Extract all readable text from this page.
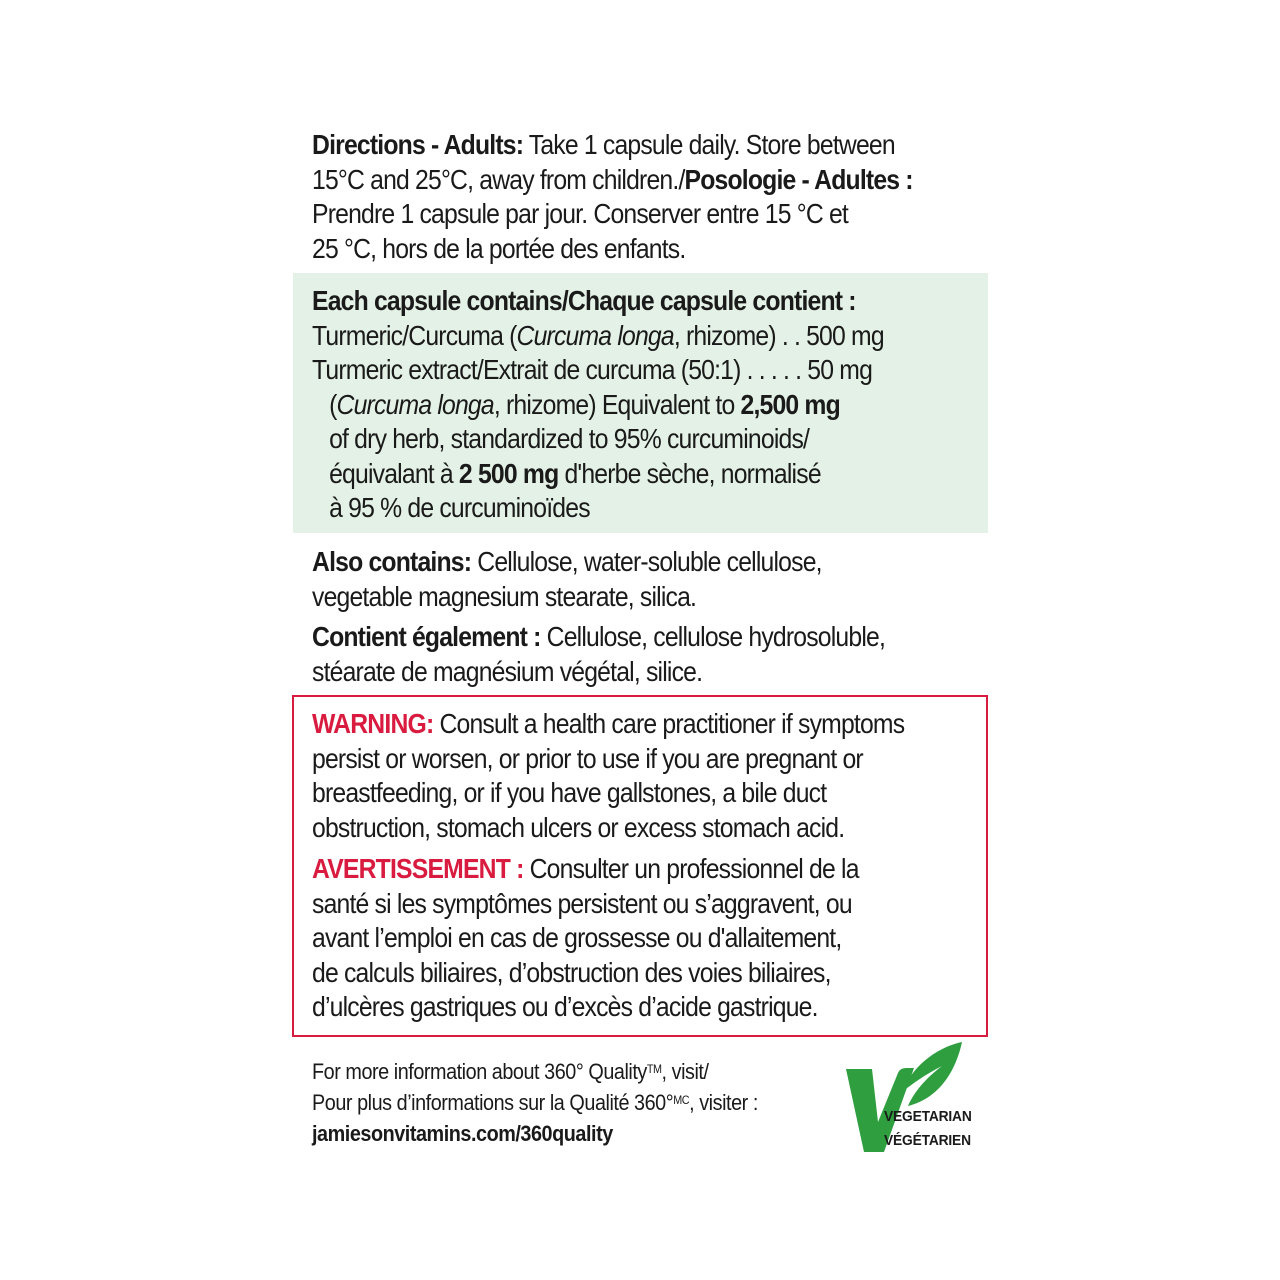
Directions - Adults: Take 1 capsule daily. Store between
15°C and 25°C, away from children./Posologie - Adultes :
Prendre 1 capsule par jour. Conserver entre 15 °C et
25 °C, hors de la portée des enfants.
Each capsule contains/Chaque capsule contient :
Turmeric/Curcuma (Curcuma longa, rhizome) . . 500 mg
Turmeric extract/Extrait de curcuma (50:1) . . . . . 50 mg
(Curcuma longa, rhizome) Equivalent to 2,500 mg
of dry herb, standardized to 95% curcuminoids/
équivalant à 2 500 mg d'herbe sèche, normalisé
à 95 % de curcuminoïdes
Also contains: Cellulose, water-soluble cellulose,
vegetable magnesium stearate, silica.
Contient également : Cellulose, cellulose hydrosoluble,
stéarate de magnésium végétal, silice.
WARNING: Consult a health care practitioner if symptoms
persist or worsen, or prior to use if you are pregnant or
breastfeeding, or if you have gallstones, a bile duct
obstruction, stomach ulcers or excess stomach acid.
AVERTISSEMENT : Consulter un professionnel de la
santé si les symptômes persistent ou s’aggravent, ou
avant l’emploi en cas de grossesse ou d'allaitement,
de calculs biliaires, d’obstruction des voies biliaires,
d’ulcères gastriques ou d’excès d’acide gastrique.
For more information about 360° Quality™, visit/
Pour plus d’informations sur la Qualité 360°$^{MC}$, visiter :
jamiesonvitamins.com/360quality
VEGETARIAN
VÉGÉTARIEN
